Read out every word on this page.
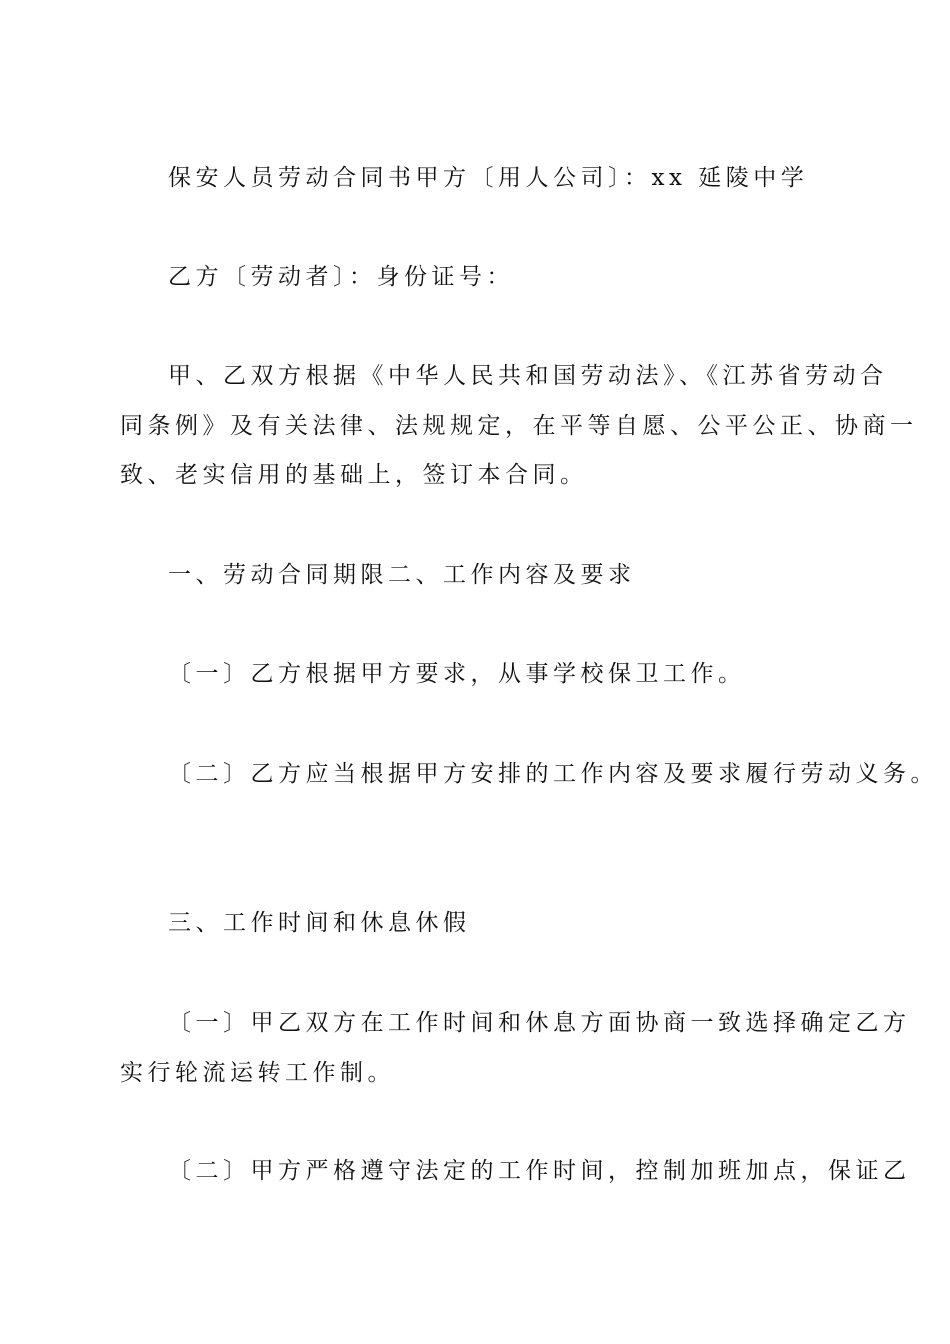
保安人员劳动合同书甲方〔用人公司〕：xx 延陵中学
乙方〔劳动者〕：身份证号：
甲、乙双方根据《中华人民共和国劳动法》、《江苏省劳动合
同条例》及有关法律、法规规定，在平等自愿、公平公正、协商一
致、老实信用的基础上，签订本合同。
一、劳动合同期限二、工作内容及要求
〔一〕乙方根据甲方要求，从事学校保卫工作。
〔二〕乙方应当根据甲方安排的工作内容及要求履行劳动义务。
三、工作时间和休息休假
〔一〕甲乙双方在工作时间和休息方面协商一致选择确定乙方
实行轮流运转工作制。
〔二〕甲方严格遵守法定的工作时间，控制加班加点，保证乙
